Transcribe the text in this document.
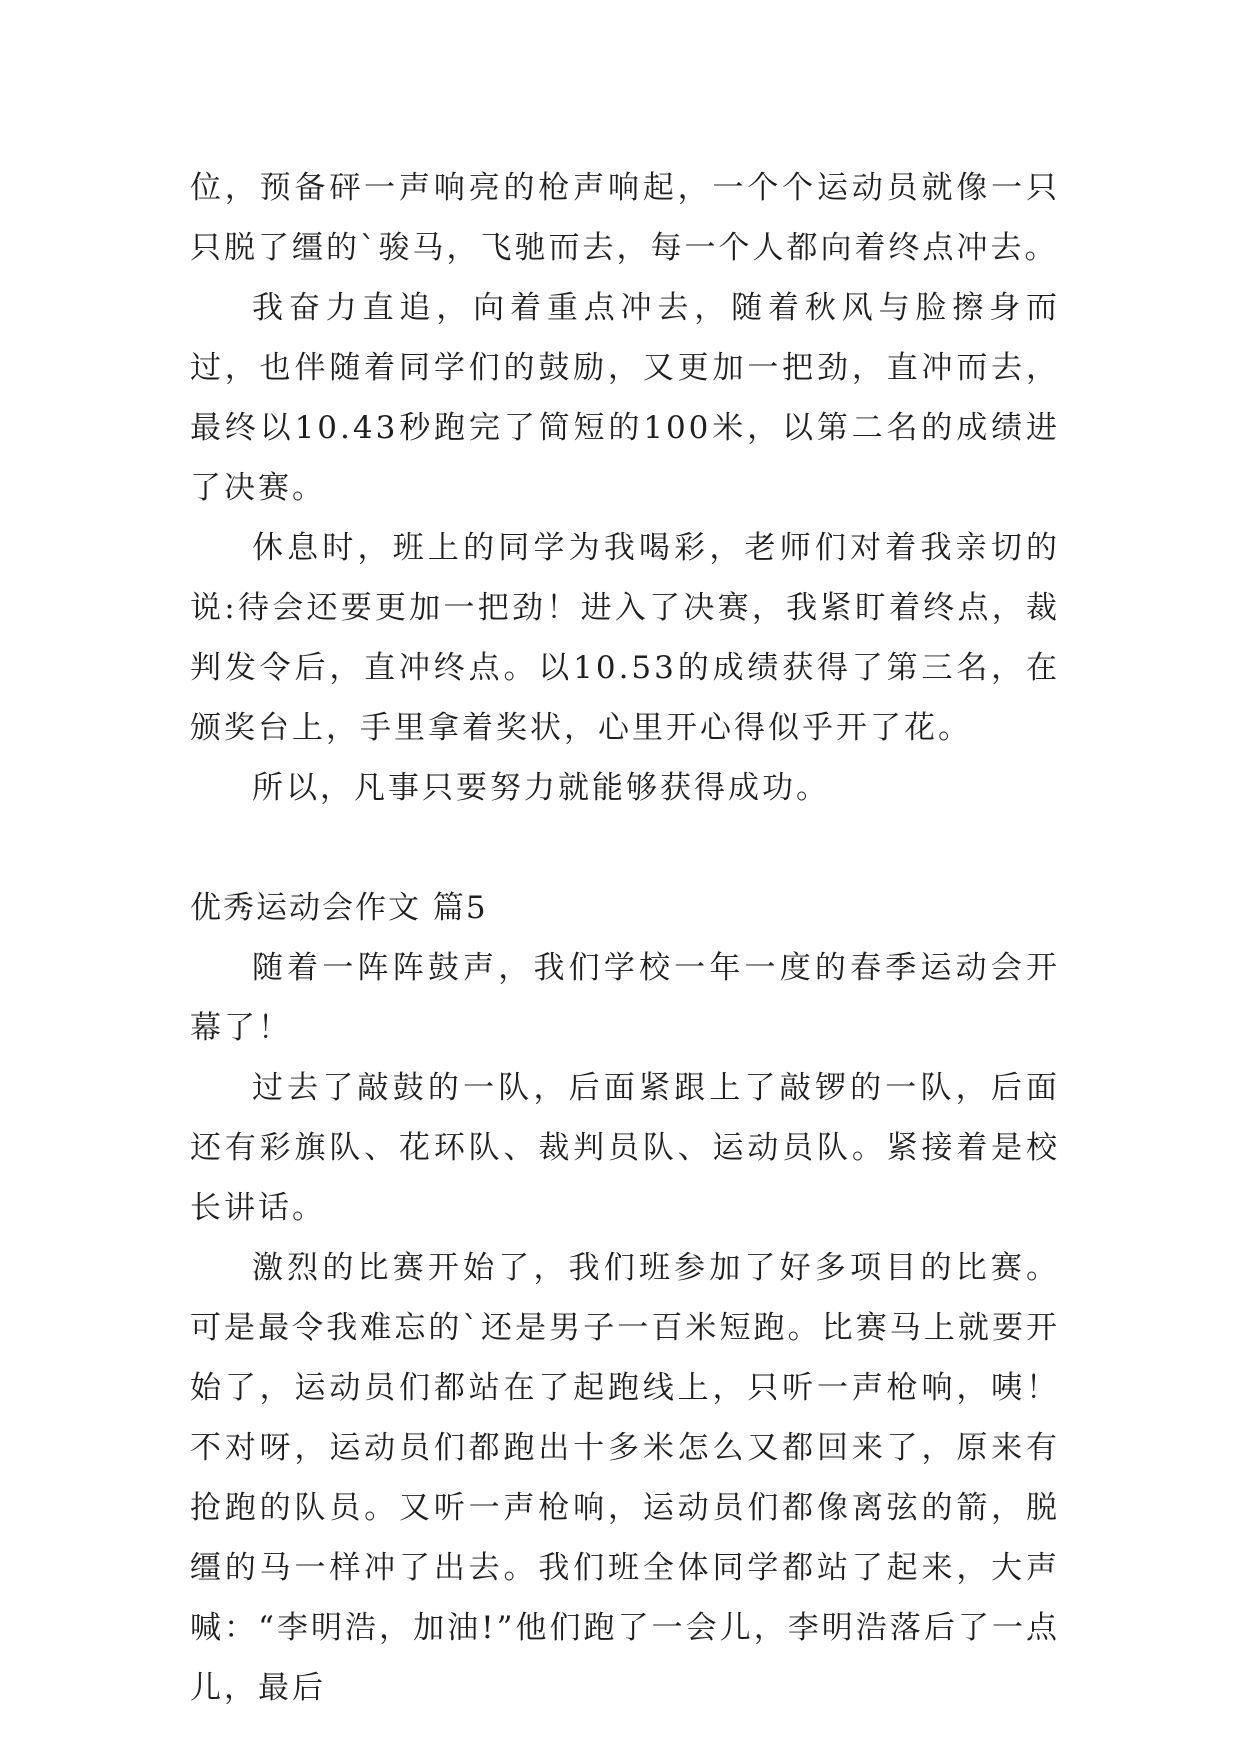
位，预备砰一声响亮的枪声响起，一个个运动员就像一只只脱了缰的`骏马，飞驰而去，每一个人都向着终点冲去。

我奋力直追，向着重点冲去，随着秋风与脸擦身而过，也伴随着同学们的鼓励，又更加一把劲，直冲而去，最终以10.43秒跑完了简短的100米，以第二名的成绩进了决赛。

休息时，班上的同学为我喝彩，老师们对着我亲切的说:待会还要更加一把劲！进入了决赛，我紧盯着终点，裁判发令后，直冲终点。以10.53的成绩获得了第三名，在颁奖台上，手里拿着奖状，心里开心得似乎开了花。

所以，凡事只要努力就能够获得成功。

优秀运动会作文 篇5

随着一阵阵鼓声，我们学校一年一度的春季运动会开幕了！

过去了敲鼓的一队，后面紧跟上了敲锣的一队，后面还有彩旗队、花环队、裁判员队、运动员队。紧接着是校长讲话。

激烈的比赛开始了，我们班参加了好多项目的比赛。可是最令我难忘的`还是男子一百米短跑。比赛马上就要开始了，运动员们都站在了起跑线上，只听一声枪响，咦！不对呀，运动员们都跑出十多米怎么又都回来了，原来有抢跑的队员。又听一声枪响，运动员们都像离弦的箭，脱缰的马一样冲了出去。我们班全体同学都站了起来，大声喊：“李明浩，加油!”他们跑了一会儿，李明浩落后了一点儿，最后
